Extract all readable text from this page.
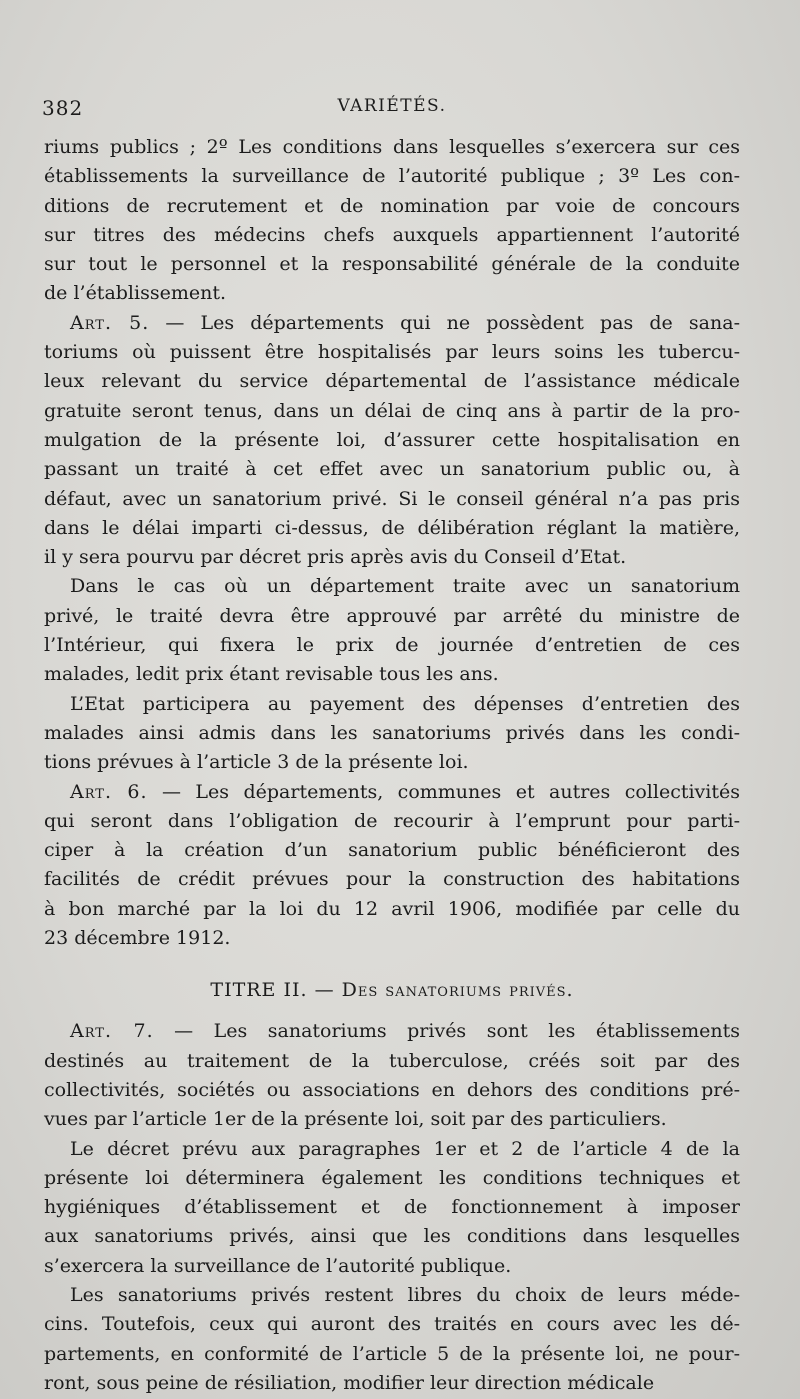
382	VARIÉTÉS.
riums publics ; 2º Les conditions dans lesquelles s’exercera sur ces
établissements la surveillance de l’autorité publique ; 3º Les con-
ditions de recrutement et de nomination par voie de concours
sur titres des médecins chefs auxquels appartiennent l’autorité
sur tout le personnel et la responsabilité générale de la conduite
de l’établissement.
Art. 5. — Les départements qui ne possèdent pas de sana-
toriums où puissent être hospitalisés par leurs soins les tubercu-
leux relevant du service départemental de l’assistance médicale
gratuite seront tenus, dans un délai de cinq ans à partir de la pro-
mulgation de la présente loi, d’assurer cette hospitalisation en
passant un traité à cet effet avec un sanatorium public ou, à
défaut, avec un sanatorium privé. Si le conseil général n’a pas pris
dans le délai imparti ci-dessus, de délibération réglant la matière,
il y sera pourvu par décret pris après avis du Conseil d’Etat.
Dans le cas où un département traite avec un sanatorium
privé, le traité devra être approuvé par arrêté du ministre de
l’Intérieur, qui fixera le prix de journée d’entretien de ces
malades, ledit prix étant revisable tous les ans.
L’Etat participera au payement des dépenses d’entretien des
malades ainsi admis dans les sanatoriums privés dans les condi-
tions prévues à l’article 3 de la présente loi.
Art. 6. — Les départements, communes et autres collectivités
qui seront dans l’obligation de recourir à l’emprunt pour parti-
ciper à la création d’un sanatorium public bénéficieront des
facilités de crédit prévues pour la construction des habitations
à bon marché par la loi du 12 avril 1906, modifiée par celle du
23 décembre 1912.
TITRE II. — Des sanatoriums privés.
Art. 7. — Les sanatoriums privés sont les établissements
destinés au traitement de la tuberculose, créés soit par des
collectivités, sociétés ou associations en dehors des conditions pré-
vues par l’article 1er de la présente loi, soit par des particuliers.
Le décret prévu aux paragraphes 1er et 2 de l’article 4 de la
présente loi déterminera également les conditions techniques et
hygiéniques d’établissement et de fonctionnement à imposer
aux sanatoriums privés, ainsi que les conditions dans lesquelles
s’exercera la surveillance de l’autorité publique.
Les sanatoriums privés restent libres du choix de leurs méde-
cins. Toutefois, ceux qui auront des traités en cours avec les dé-
partements, en conformité de l’article 5 de la présente loi, ne pour-
ront, sous peine de résiliation, modifier leur direction médicale
